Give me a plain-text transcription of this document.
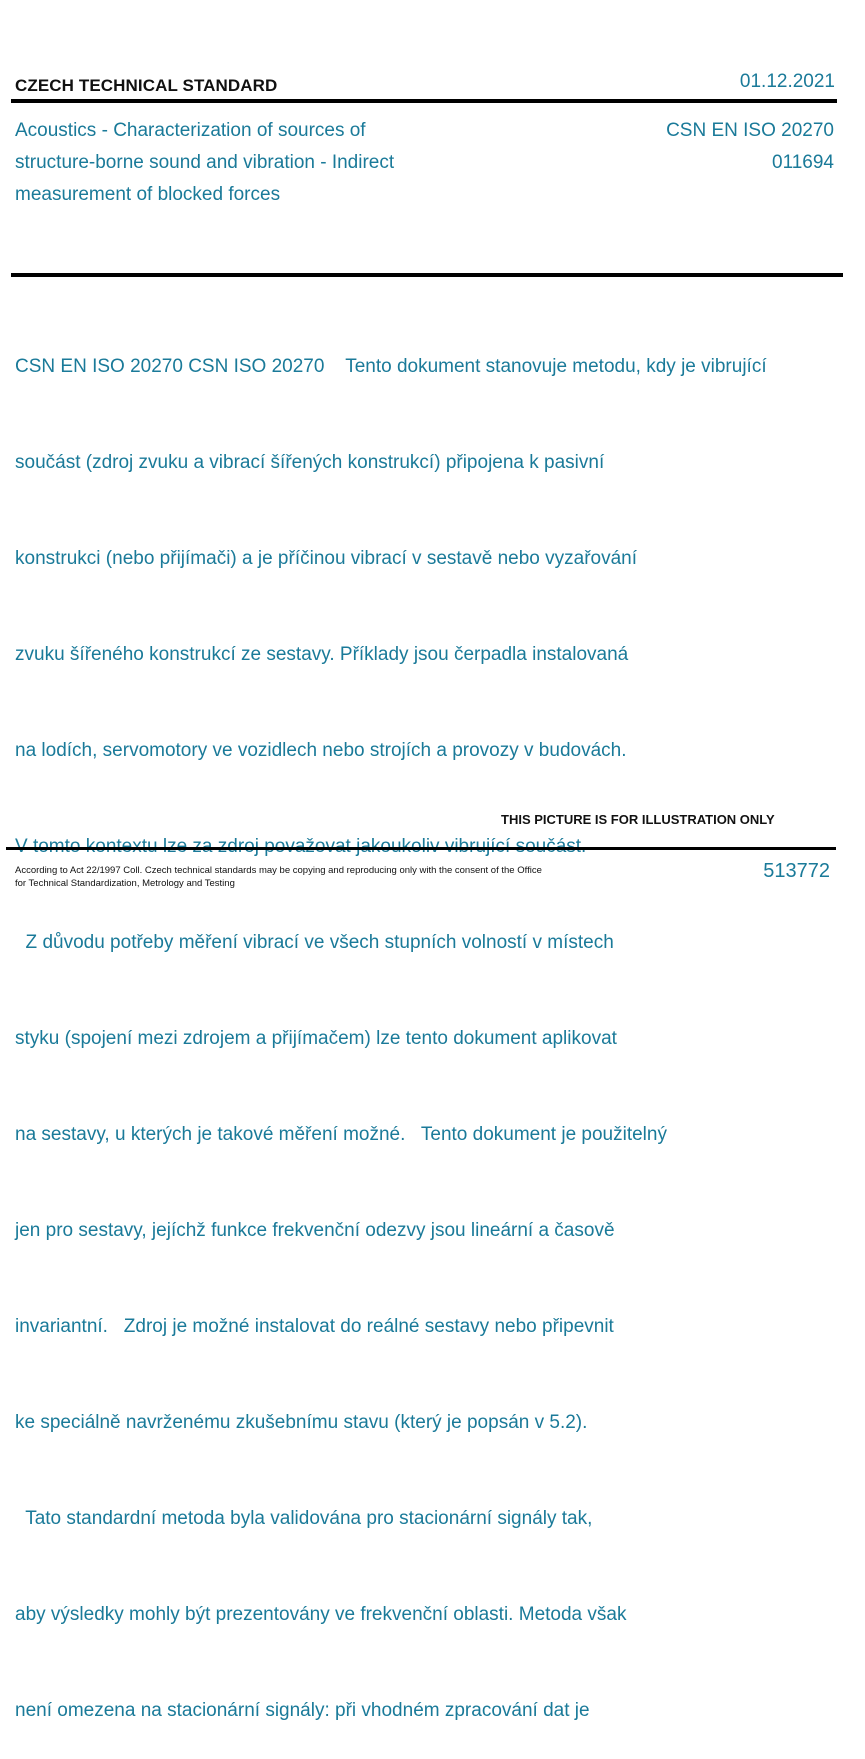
CZECH TECHNICAL STANDARD	01.12.2021
Acoustics - Characterization of sources of
structure-borne sound and vibration - Indirect
measurement of blocked forces
CSN EN ISO 20270
011694

CSN EN ISO 20270 CSN ISO 20270    Tento dokument stanovuje metodu, kdy je vibrující

součást (zdroj zvuku a vibrací šířených konstrukcí) připojena k pasivní

konstrukci (nebo přijímači) a je příčinou vibrací v sestavě nebo vyzařování

zvuku šířeného konstrukcí ze sestavy. Příklady jsou čerpadla instalovaná

na lodích, servomotory ve vozidlech nebo strojích a provozy v budovách.

Z důvodu potřeby měření vibrací ve všech stupních volností v místech

styku (spojení mezi zdrojem a přijímačem) lze tento dokument aplikovat

na sestavy, u kterých je takové měření možné.   Tento dokument je použitelný

jen pro sestavy, jejíchž funkce frekvenční odezvy jsou lineární a časově

invariantní.   Zdroj je možné instalovat do reálné sestavy nebo připevnit

ke speciálně navrženému zkušebnímu stavu (který je popsán v 5.2).

Tato standardní metoda byla validována pro stacionární signály tak,

aby výsledky mohly být prezentovány ve frekvenční oblasti. Metoda však

není omezena na stacionární signály: při vhodném zpracování dat je

THIS PICTURE IS FOR ILLUSTRATION ONLY
According to Act 22/1997 Coll. Czech technical standards may be copying and reproducing only with the consent of the Office
for Technical Standardization, Metrology and Testing
513772
